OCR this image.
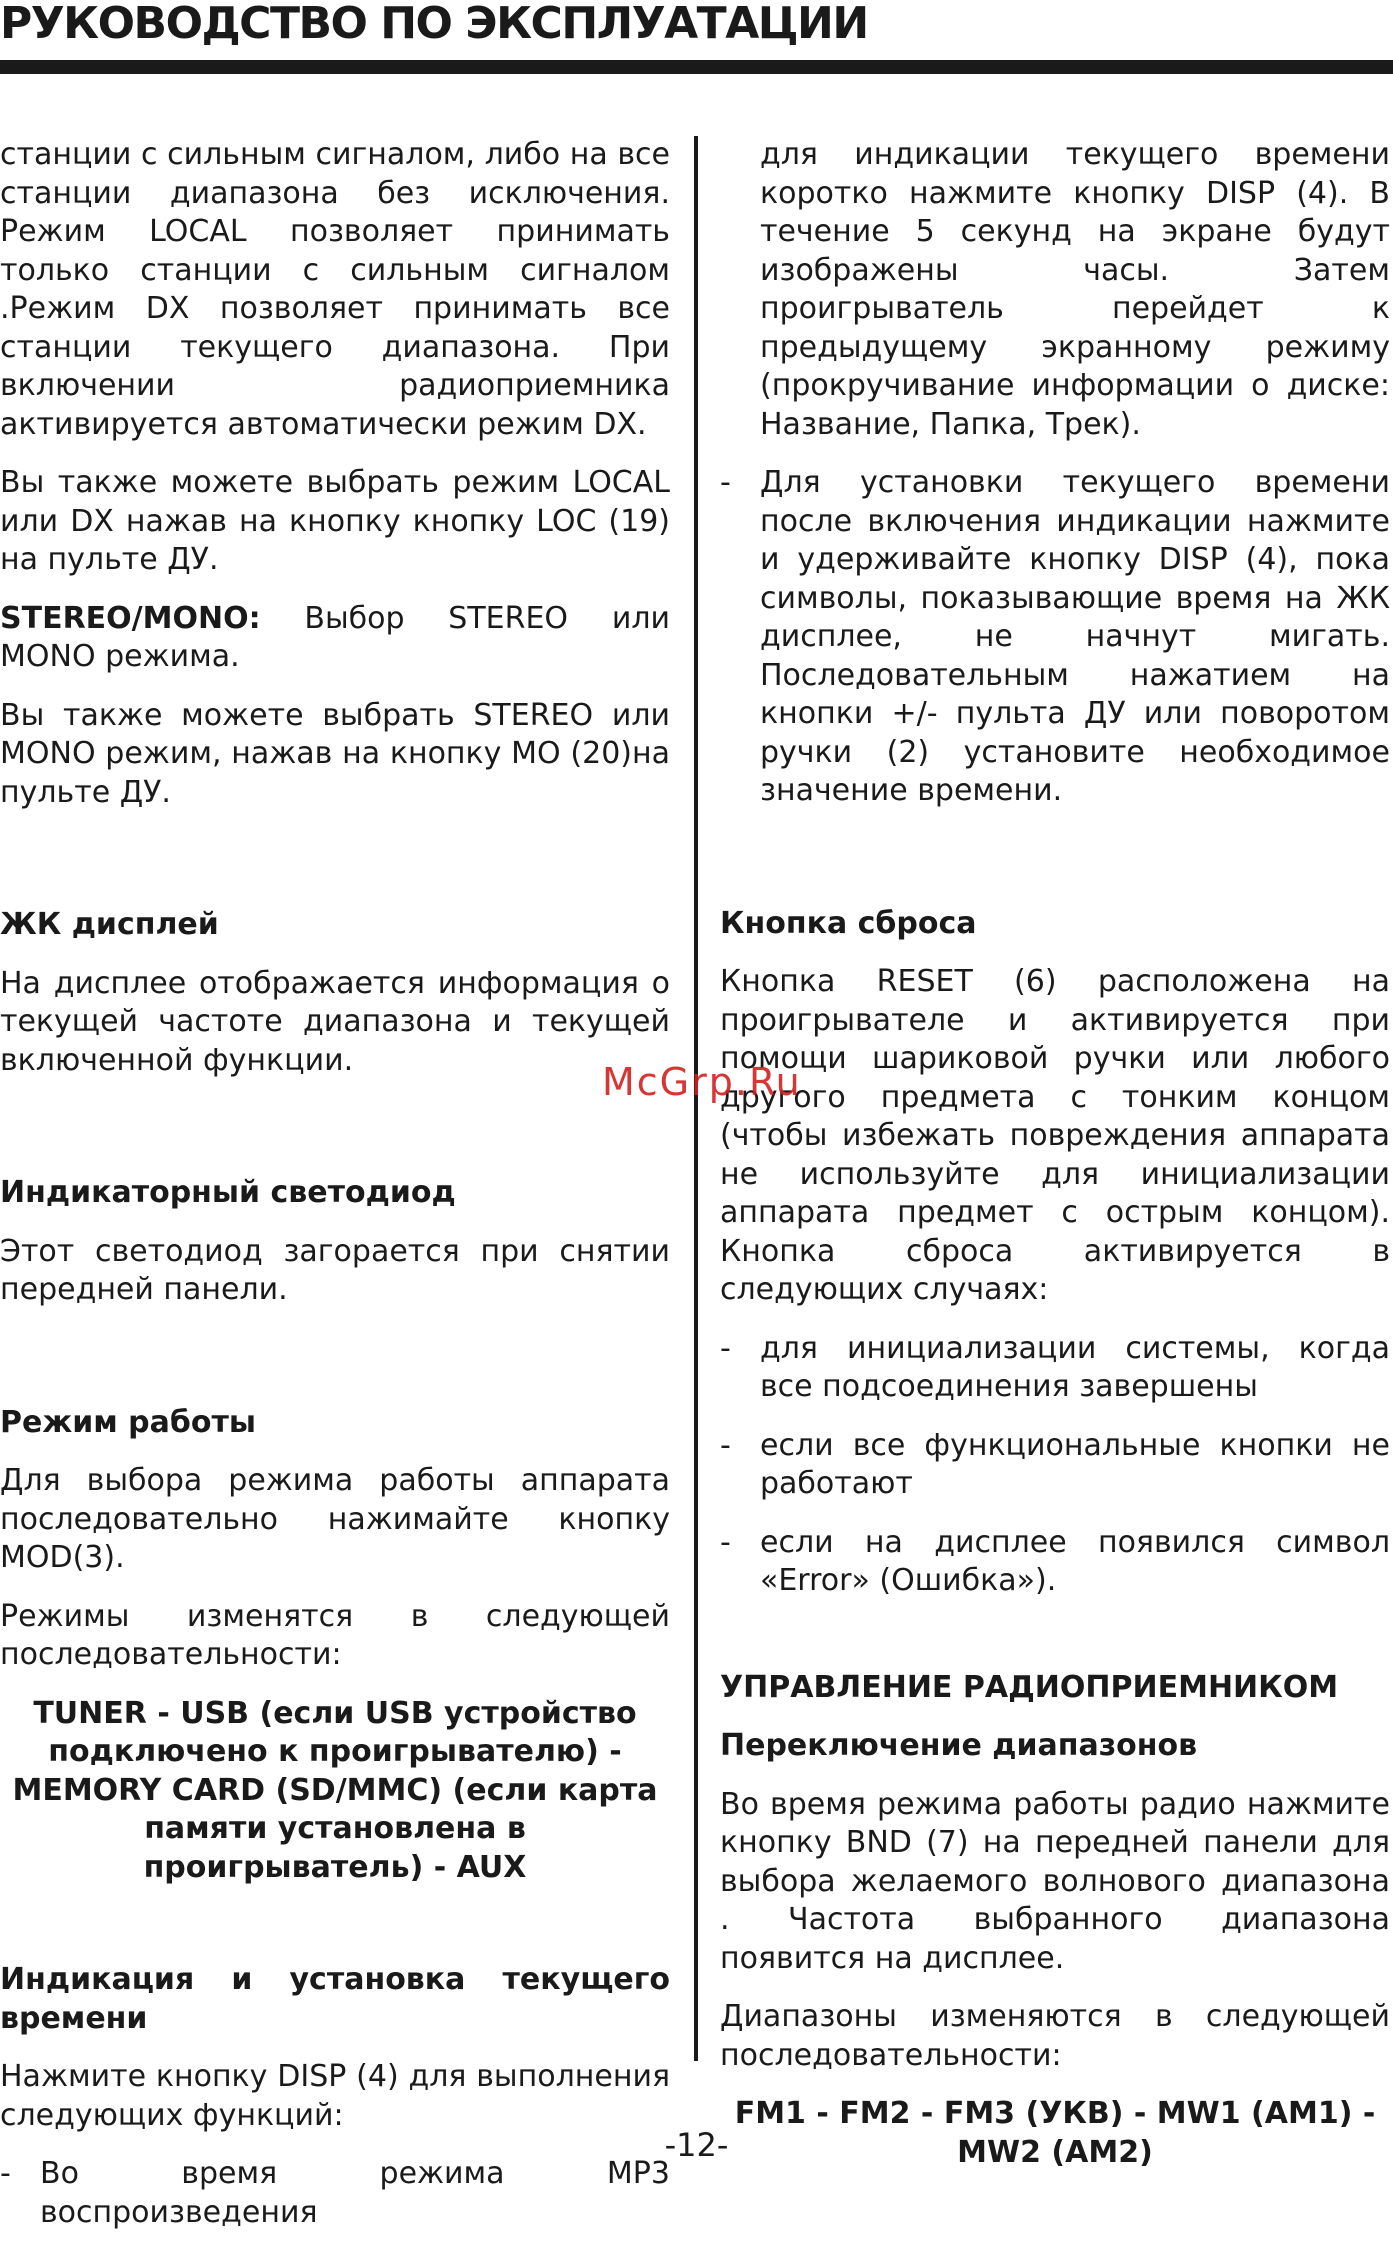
РУКОВОДСТВО ПО ЭКСПЛУАТАЦИИ

станции с сильным сигналом, либо на все станции диапазона без исключения. Режим LOCAL позволяет принимать только станции с сильным сигналом .Режим DX позволяет принимать все станции текущего диапазона. При включении радиоприемника активируется автоматически режим DX.

Вы также можете выбрать режим LOCAL или DX нажав на кнопку кнопку LOC (19) на пульте ДУ.

STEREO/MONO: Выбор STEREO или MONO режима.

Вы также можете выбрать STEREO или MONO режим, нажав на кнопку MO (20)на пульте ДУ.

ЖК дисплей

На дисплее отображается информация о текущей частоте диапазона и текущей включенной функции.

Индикаторный светодиод

Этот светодиод загорается при снятии передней панели.

Режим работы

Для выбора режима работы аппарата последовательно нажимайте кнопку MOD(3).

Режимы изменятся в следующей последовательности:

TUNER - USB (если USB устройство подключено к проигрывателю) - MEMORY CARD (SD/MMC) (если карта памяти установлена в проигрыватель) - AUX

Индикация и установка текущего времени

Нажмите кнопку DISP (4) для выполнения следующих функций:

- Во время режима MP3 воспроизведения

для индикации текущего времени коротко нажмите кнопку DISP (4). В течение 5 секунд на экране будут изображены часы. Затем проигрыватель перейдет к предыдущему экранному режиму (прокручивание информации о диске: Название, Папка, Трек).

- Для установки текущего времени после включения индикации нажмите и удерживайте кнопку DISP (4), пока символы, показывающие время на ЖК дисплее, не начнут мигать. Последовательным нажатием на кнопки +/- пульта ДУ или поворотом ручки (2) установите необходимое значение времени.

Кнопка сброса

Кнопка RESET (6) расположена на проигрывателе и активируется при помощи шариковой ручки или любого другого предмета с тонким концом (чтобы избежать повреждения аппарата не используйте для инициализации аппарата предмет с острым концом). Кнопка сброса активируется в следующих случаях:

- для инициализации системы, когда все подсоединения завершены
- если все функциональные кнопки не работают
- если на дисплее появился символ «Error» (Ошибка»).

УПРАВЛЕНИЕ РАДИОПРИЕМНИКОМ

Переключение диапазонов

Во время режима работы радио нажмите кнопку BND (7) на передней панели для выбора желаемого волнового диапазона . Частота выбранного диапазона появится на дисплее.

Диапазоны изменяются в следующей последовательности:

FM1 - FM2 - FM3 (УКВ) - MW1 (AM1) - MW2 (AM2)

McGrp.Ru
-12-
